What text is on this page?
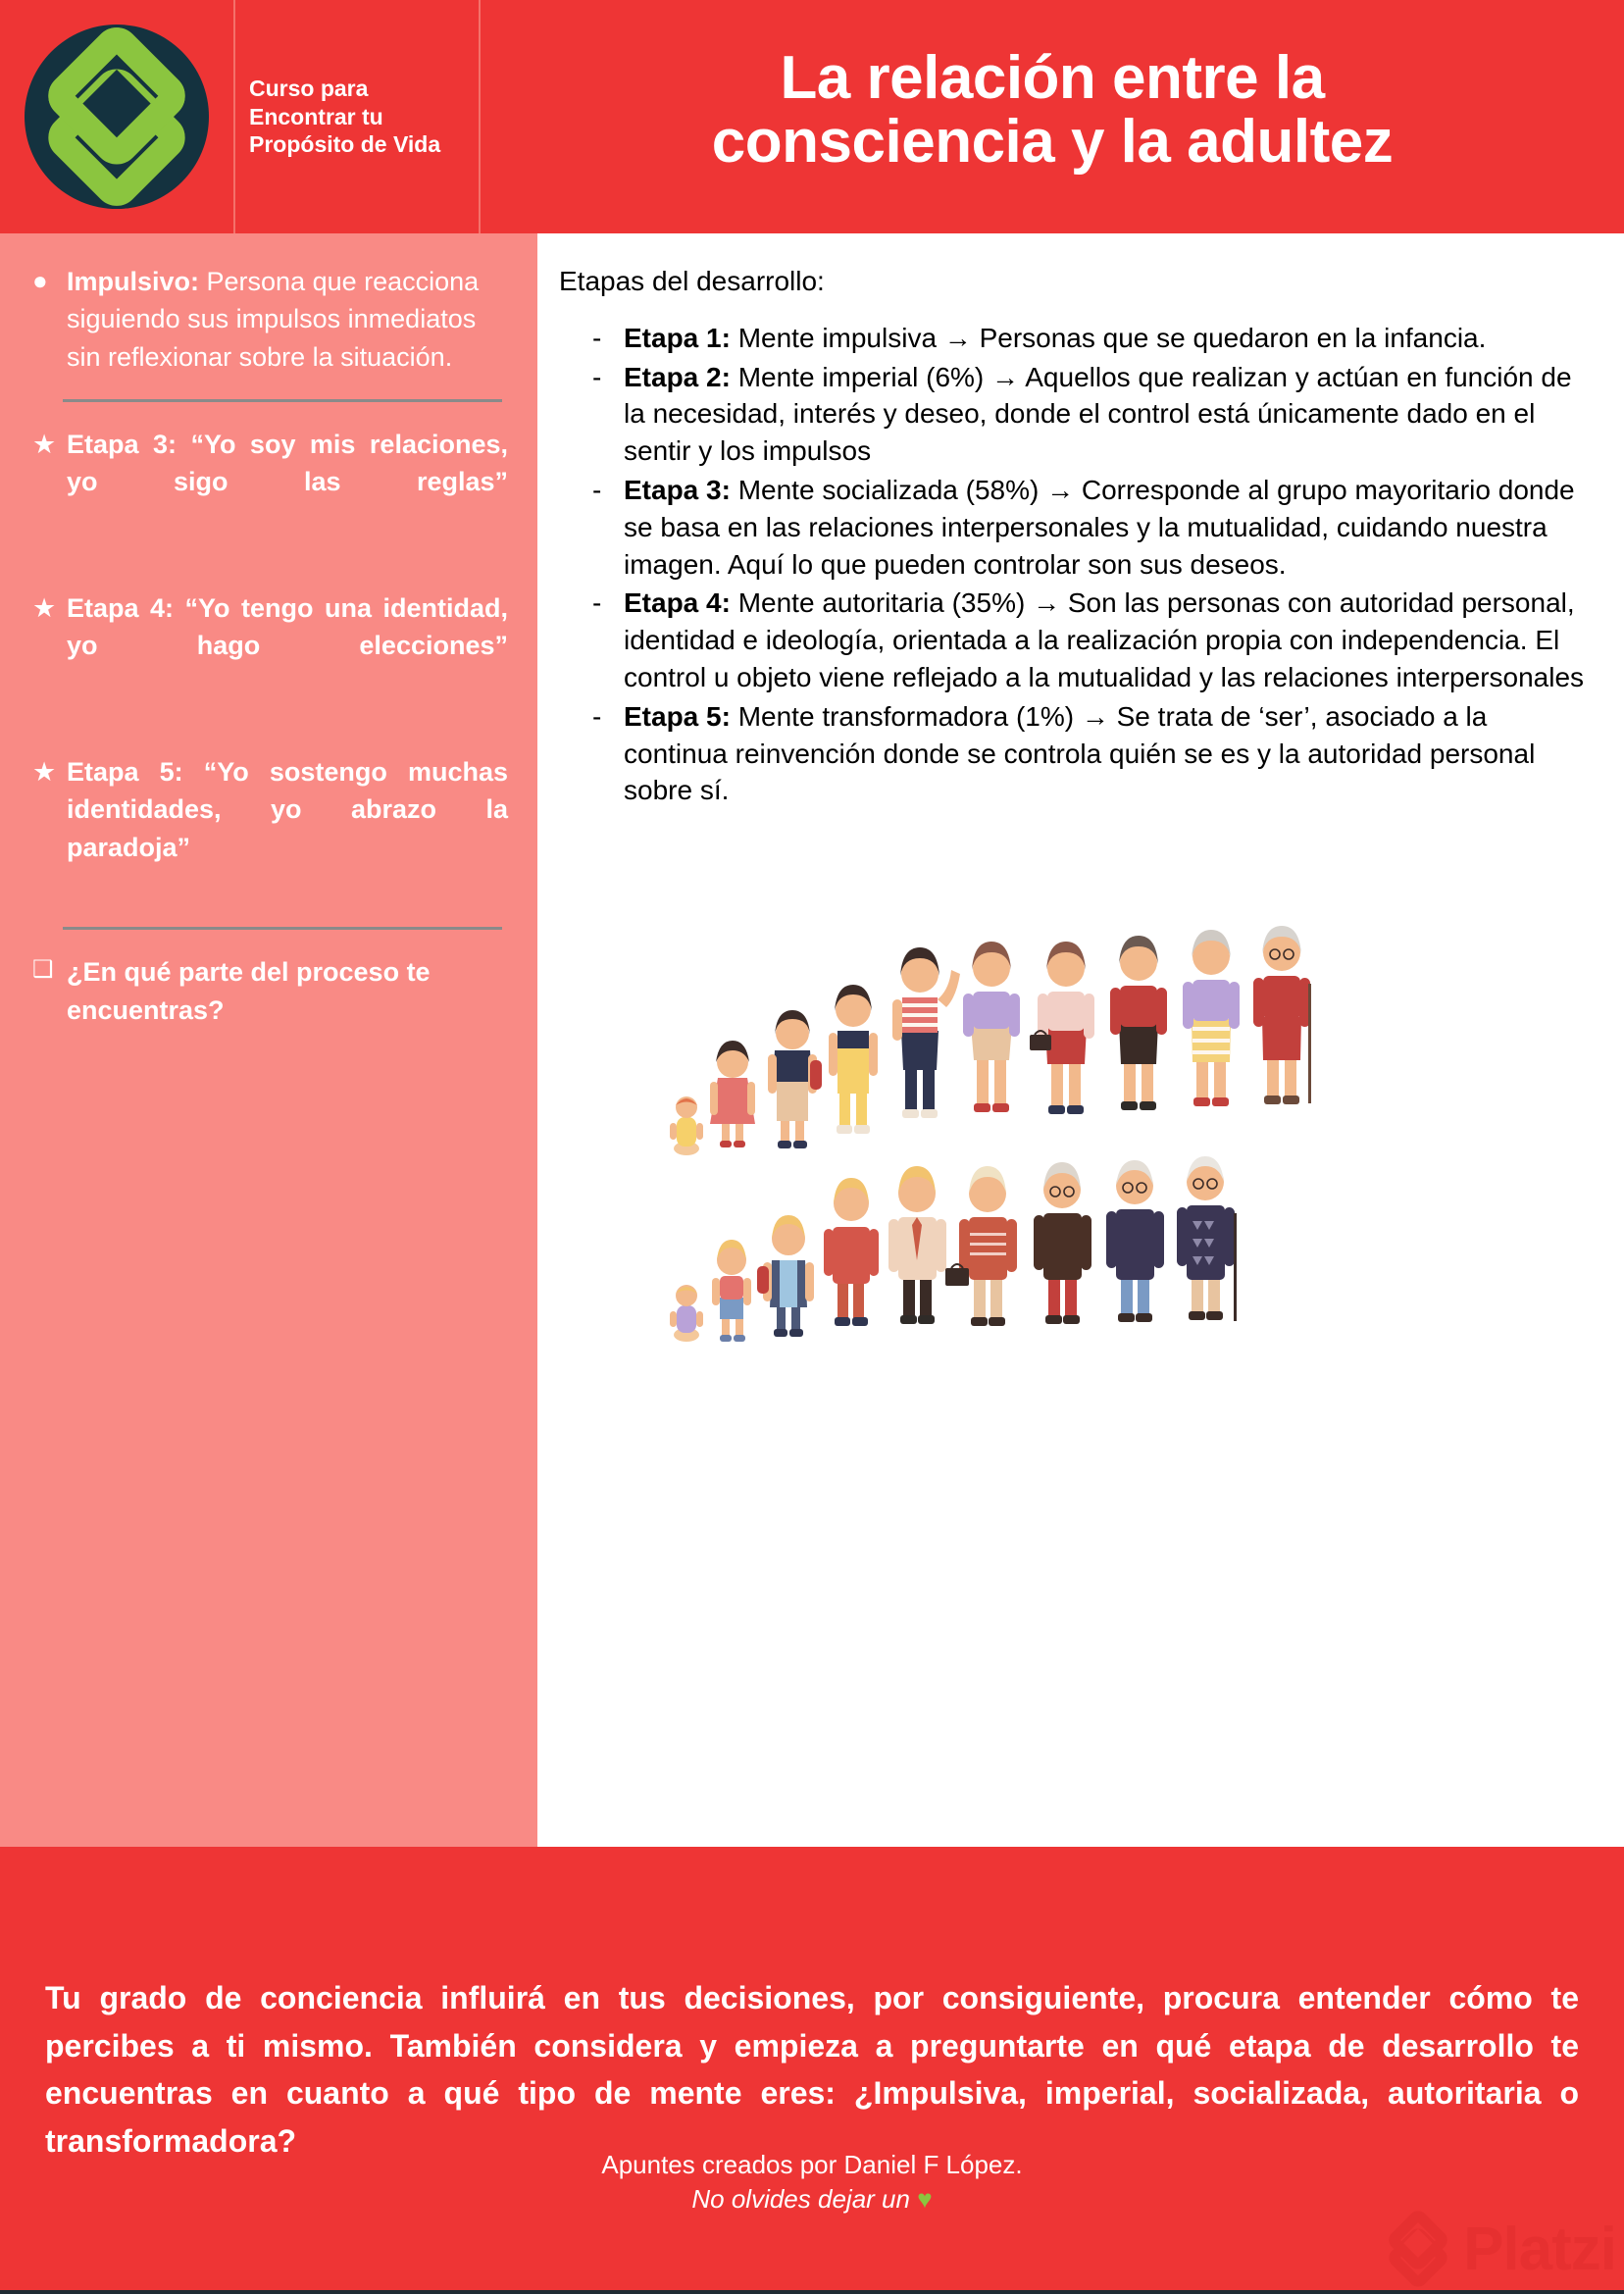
Curso para Encontrar tu
Propósito de Vida
La relación entre la
consciencia y la adultez
● Impulsivo: Persona que reacciona siguiendo sus impulsos inmediatos sin reflexionar sobre la situación.
★ Etapa 3: “Yo soy mis relaciones, yo sigo las reglas”
★ Etapa 4: “Yo tengo una identidad, yo hago elecciones”
★ Etapa 5: “Yo sostengo muchas identidades, yo abrazo la paradoja”
❑ ¿En qué parte del proceso te encuentras?
Etapas del desarrollo:
- Etapa 1: Mente impulsiva → Personas que se quedaron en la infancia.
- Etapa 2: Mente imperial (6%) → Aquellos que realizan y actúan en función de la necesidad, interés y deseo, donde el control está únicamente dado en el sentir y los impulsos
- Etapa 3: Mente socializada (58%) → Corresponde al grupo mayoritario donde se basa en las relaciones interpersonales y la mutualidad, cuidando nuestra imagen. Aquí lo que pueden controlar son sus deseos.
- Etapa 4: Mente autoritaria (35%) → Son las personas con autoridad personal, identidad e ideología, orientada a la realización propia con independencia. El control u objeto viene reflejado a la mutualidad y las relaciones interpersonales
- Etapa 5: Mente transformadora (1%) → Se trata de ‘ser’, asociado a la continua reinvención donde se controla quién se es y la autoridad personal sobre sí.

Tu grado de conciencia influirá en tus decisiones, por consiguiente, procura entender cómo te percibes a ti mismo. También considera y empieza a preguntarte en qué etapa de desarrollo te encuentras en cuanto a qué tipo de mente eres: ¿Impulsiva, imperial, socializada, autoritaria o transformadora?

Apuntes creados por Daniel F López.
No olvides dejar un ♥
Platzi
